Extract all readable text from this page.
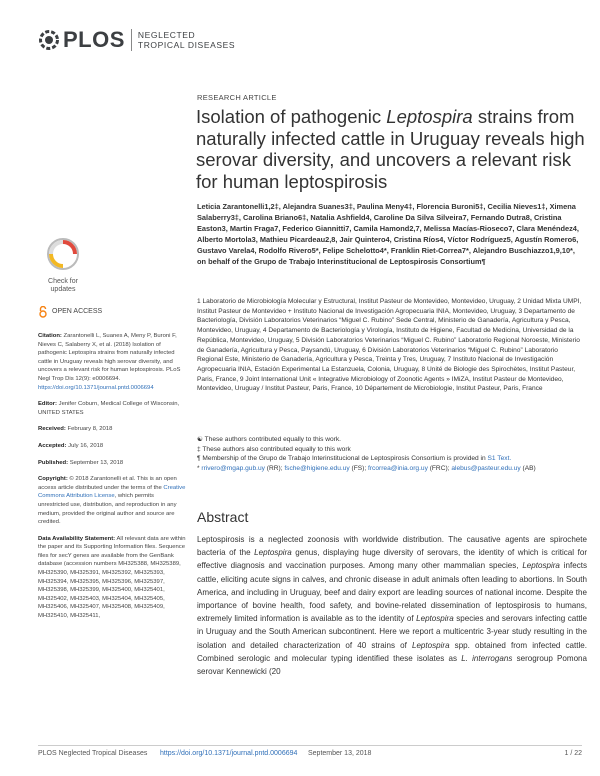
PLOS NEGLECTED
TROPICAL DISEASES
RESEARCH ARTICLE
Isolation of pathogenic Leptospira strains from naturally infected cattle in Uruguay reveals high serovar diversity, and uncovers a relevant risk for human leptospirosis
Leticia Zarantonelli1,2‡, Alejandra Suanes3‡, Paulina Meny4‡, Florencia Buroni5‡, Cecilia Nieves1‡, Ximena Salaberry3‡, Carolina Briano6‡, Natalia Ashfield4, Caroline Da Silva Silveira7, Fernando Dutra8, Cristina Easton3, Martin Fraga7, Federico Giannitti7, Camila Hamond2,7, Melissa Macías-Rioseco7, Clara Menéndez4, Alberto Mortola3, Mathieu Picardeau2,8, Jair Quintero4, Cristina Ríos4, Víctor Rodríguez5, Agustín Romero6, Gustavo Varela4, Rodolfo Rivero5*, Felipe Schelotto4*, Franklin Riet-Correa7*, Alejandro Buschiazzo1,9,10*, on behalf of the Grupo de Trabajo Interinstitucional de Leptospirosis Consortium¶
1 Laboratorio de Microbiología Molecular y Estructural, Institut Pasteur de Montevideo, Montevideo, Uruguay, 2 Unidad Mixta UMPI, Institut Pasteur de Montevideo + Instituto Nacional de Investigación Agropecuaria INIA, Montevideo, Uruguay, 3 Departamento de Bacteriología, División Laboratorios Veterinarios “Miguel C. Rubino” Sede Central, Ministerio de Ganadería, Agricultura y Pesca, Montevideo, Uruguay, 4 Departamento de Bacteriología y Virología, Instituto de Higiene, Facultad de Medicina, Universidad de la República, Montevideo, Uruguay, 5 División Laboratorios Veterinarios “Miguel C. Rubino” Laboratorio Regional Noroeste, Ministerio de Ganadería, Agricultura y Pesca, Paysandú, Uruguay, 6 División Laboratorios Veterinarios “Miguel C. Rubino” Laboratorio Regional Este, Ministerio de Ganadería, Agricultura y Pesca, Treinta y Tres, Uruguay, 7 Instituto Nacional de Investigación Agropecuaria INIA, Estación Experimental La Estanzuela, Colonia, Uruguay, 8 Unité de Biologie des Spirochètes, Institut Pasteur, Paris, France, 9 Joint International Unit « Integrative Microbiology of Zoonotic Agents » IMiZA, Institut Pasteur de Montevideo, Montevideo, Uruguay / Institut Pasteur, Paris, France, 10 Département de Microbiologie, Institut Pasteur, Paris, France
☯ These authors contributed equally to this work.
‡ These authors also contributed equally to this work
¶ Membership of the Grupo de Trabajo Interinstitucional de Leptospirosis Consortium is provided in S1 Text.
* rrivero@mgap.gub.uy (RR); fsche@higiene.edu.uy (FS); frcorrea@inia.org.uy (FRC); alebus@pasteur.edu.uy (AB)
Abstract
Leptospirosis is a neglected zoonosis with worldwide distribution. The causative agents are spirochete bacteria of the Leptospira genus, displaying huge diversity of serovars, the identity of which is critical for effective diagnosis and vaccination purposes. Among many other mammalian species, Leptospira infects cattle, eliciting acute signs in calves, and chronic disease in adult animals often leading to abortions. In South America, and including in Uruguay, beef and dairy export are leading sources of national income. Despite the importance of bovine health, food safety, and bovine-related dissemination of leptospirosis to humans, extremely limited information is available as to the identity of Leptospira species and serovars infecting cattle in Uruguay and the South American subcontinent. Here we report a multicentric 3-year study resulting in the isolation and detailed characterization of 40 strains of Leptospira spp. obtained from infected cattle. Combined serologic and molecular typing identified these isolates as L. interrogans serogroup Pomona serovar Kennewicki (20
Check for
updates
OPEN ACCESS
Citation: Zarantonelli L, Suanes A, Meny P, Buroni F, Nieves C, Salaberry X, et al. (2018) Isolation of pathogenic Leptospira strains from naturally infected cattle in Uruguay reveals high serovar diversity, and uncovers a relevant risk for human leptospirosis. PLoS Negl Trop Dis 12(9): e0006694. https://doi.org/10.1371/journal.pntd.0006694
Editor: Jenifer Coburn, Medical College of Wisconsin, UNITED STATES
Received: February 8, 2018
Accepted: July 16, 2018
Published: September 13, 2018
Copyright: © 2018 Zarantonelli et al. This is an open access article distributed under the terms of the Creative Commons Attribution License, which permits unrestricted use, distribution, and reproduction in any medium, provided the original author and source are credited.
Data Availability Statement: All relevant data are within the paper and its Supporting Information files. Sequence files for secY genes are available from the GenBank database (accession numbers MH325388, MH325389, MH325390, MH325391, MH325392, MH325393, MH325394, MH325395, MH325396, MH325397, MH325398, MH325399, MH325400, MH325401, MH325402, MH325403, MH325404, MH325405, MH325406, MH325407, MH325408, MH325409, MH325410, MH325411,
PLOS Neglected Tropical Diseases https://doi.org/10.1371/journal.pntd.0006694 September 13, 2018	1 / 22
